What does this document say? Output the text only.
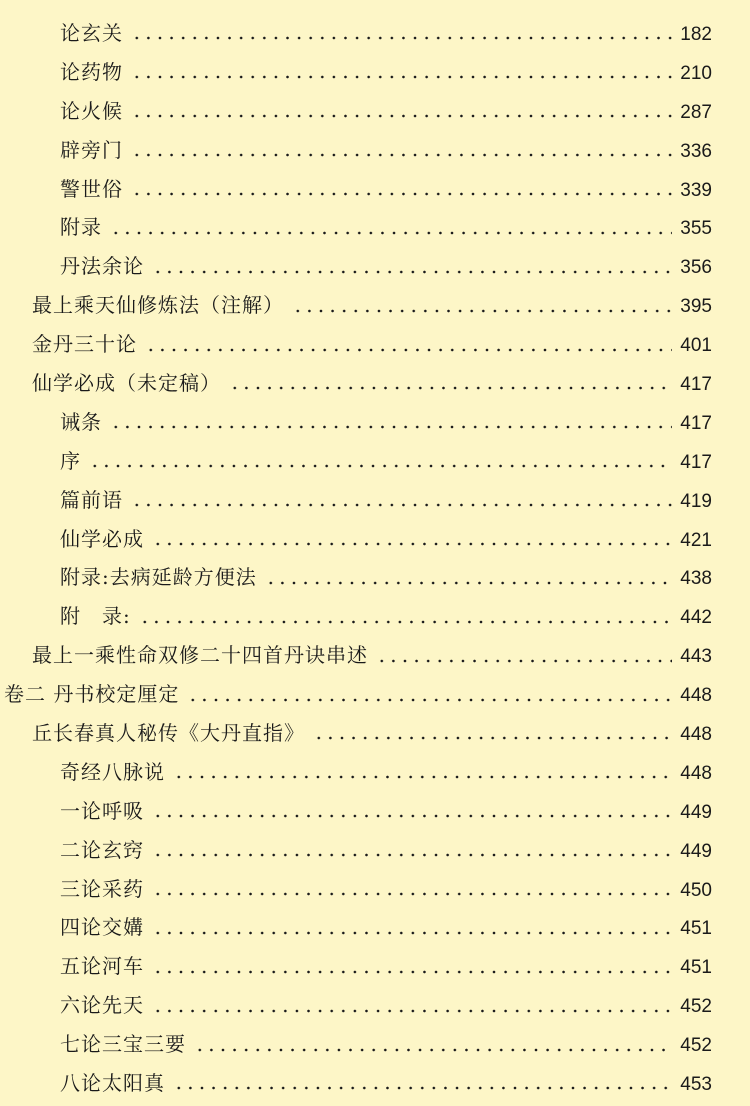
论玄关	182
论药物	210
论火候	287
辟旁门	336
警世俗	339
附录	355
丹法余论	356
最上乘天仙修炼法（注解）	395
金丹三十论	401
仙学必成（未定稿）	417
诫条	417
序	417
篇前语	419
仙学必成	421
附录:去病延龄方便法	438
附　录:	442
最上一乘性命双修二十四首丹诀串述	443
卷二 丹书校定厘定	448
丘长春真人秘传《大丹直指》	448
奇经八脉说	448
一论呼吸	449
二论玄窍	449
三论采药	450
四论交媾	451
五论河车	451
六论先天	452
七论三宝三要	452
八论太阳真	453
